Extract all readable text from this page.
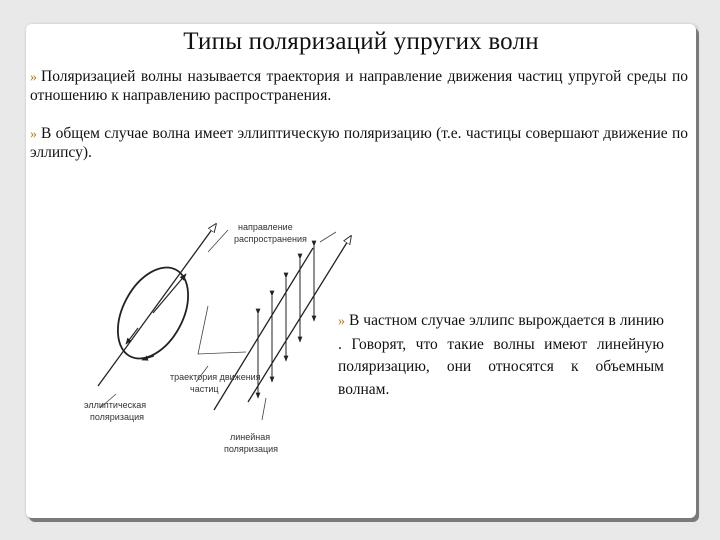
Типы поляризаций упругих волн
» Поляризацией волны называется траектория и направление движения частиц упругой среды по отношению к направлению распространения.
» В общем случае волна имеет эллиптическую поляризацию (т.е. частицы совершают движение по эллипсу).
направление
распространения
траектория движения
частиц
эллиптическая
поляризация
линейная
поляризация
» В частном случае эллипс вырождается в линию . Говорят, что такие волны имеют линейную поляризацию, они относятся к объемным волнам.
